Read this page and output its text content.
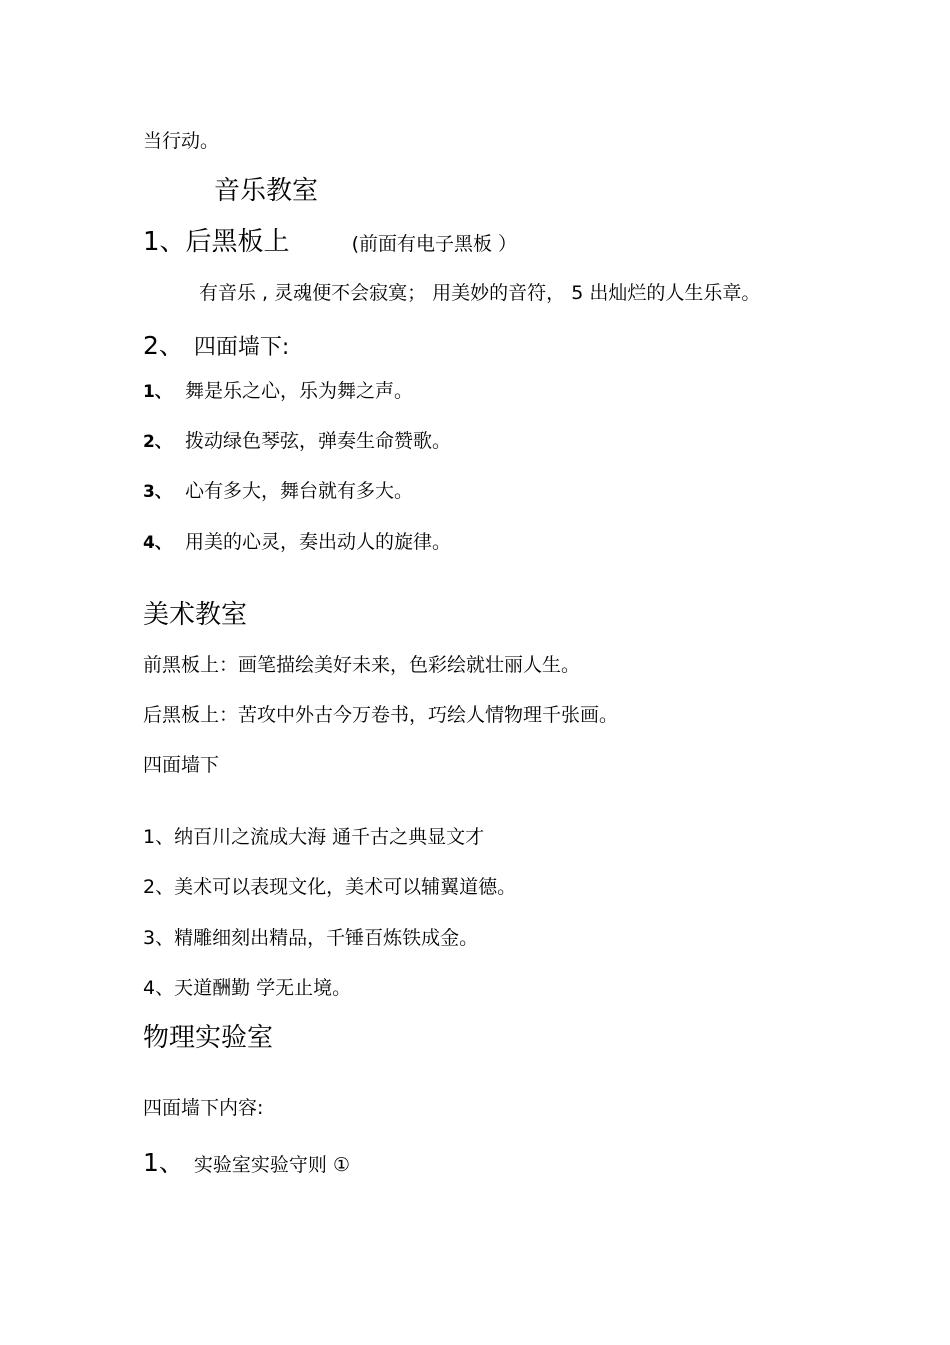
当行动。
音乐教室
1、后黑板上	(前面有电子黑板 ）
有音乐 , 灵魂便不会寂寞； 用美妙的音符， 5 出灿烂的人生乐章。
2、 四面墙下:
1、 舞是乐之心，乐为舞之声。
2、 拨动绿色琴弦，弹奏生命赞歌。
3、 心有多大，舞台就有多大。
4、 用美的心灵，奏出动人的旋律。
美术教室
前黑板上：画笔描绘美好未来，色彩绘就壮丽人生。
后黑板上：苦攻中外古今万卷书，巧绘人情物理千张画。
四面墙下
1、纳百川之流成大海 通千古之典显文才
2、美术可以表现文化，美术可以辅翼道德。
3、精雕细刻出精品，千锤百炼铁成金。
4、天道酬勤 学无止境。
物理实验室
四面墙下内容:
1、 实验室实验守则 ①
